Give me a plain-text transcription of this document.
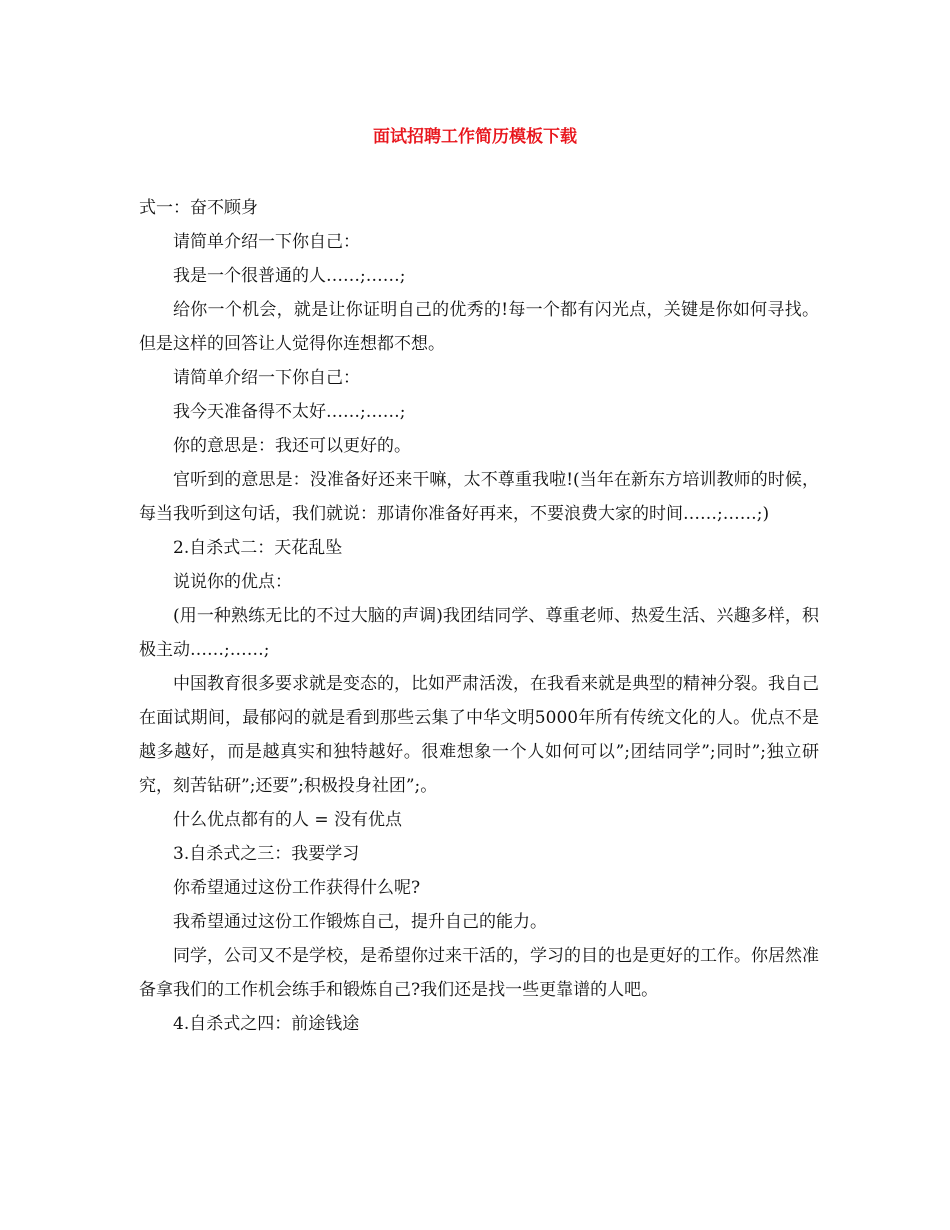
面试招聘工作简历模板下载

式一：奋不顾身

请简单介绍一下你自己：

我是一个很普通的人……;……;

给你一个机会，就是让你证明自己的优秀的!每一个都有闪光点，关键是你如何寻找。但是这样的回答让人觉得你连想都不想。

请简单介绍一下你自己：

我今天准备得不太好……;……;

你的意思是：我还可以更好的。

官听到的意思是：没准备好还来干嘛，太不尊重我啦!(当年在新东方培训教师的时候，每当我听到这句话，我们就说：那请你准备好再来，不要浪费大家的时间……;……;)

2.自杀式二：天花乱坠

说说你的优点：

(用一种熟练无比的不过大脑的声调)我团结同学、尊重老师、热爱生活、兴趣多样，积极主动……;……;

中国教育很多要求就是变态的，比如严肃活泼，在我看来就是典型的精神分裂。我自己在面试期间，最郁闷的就是看到那些云集了中华文明5000年所有传统文化的人。优点不是越多越好，而是越真实和独特越好。很难想象一个人如何可以”;团结同学”;同时”;独立研究，刻苦钻研”;还要”;积极投身社团”;。

什么优点都有的人 = 没有优点

3.自杀式之三：我要学习

你希望通过这份工作获得什么呢?

我希望通过这份工作锻炼自己，提升自己的能力。

同学，公司又不是学校，是希望你过来干活的，学习的目的也是更好的工作。你居然准备拿我们的工作机会练手和锻炼自己?我们还是找一些更靠谱的人吧。

4.自杀式之四：前途钱途
